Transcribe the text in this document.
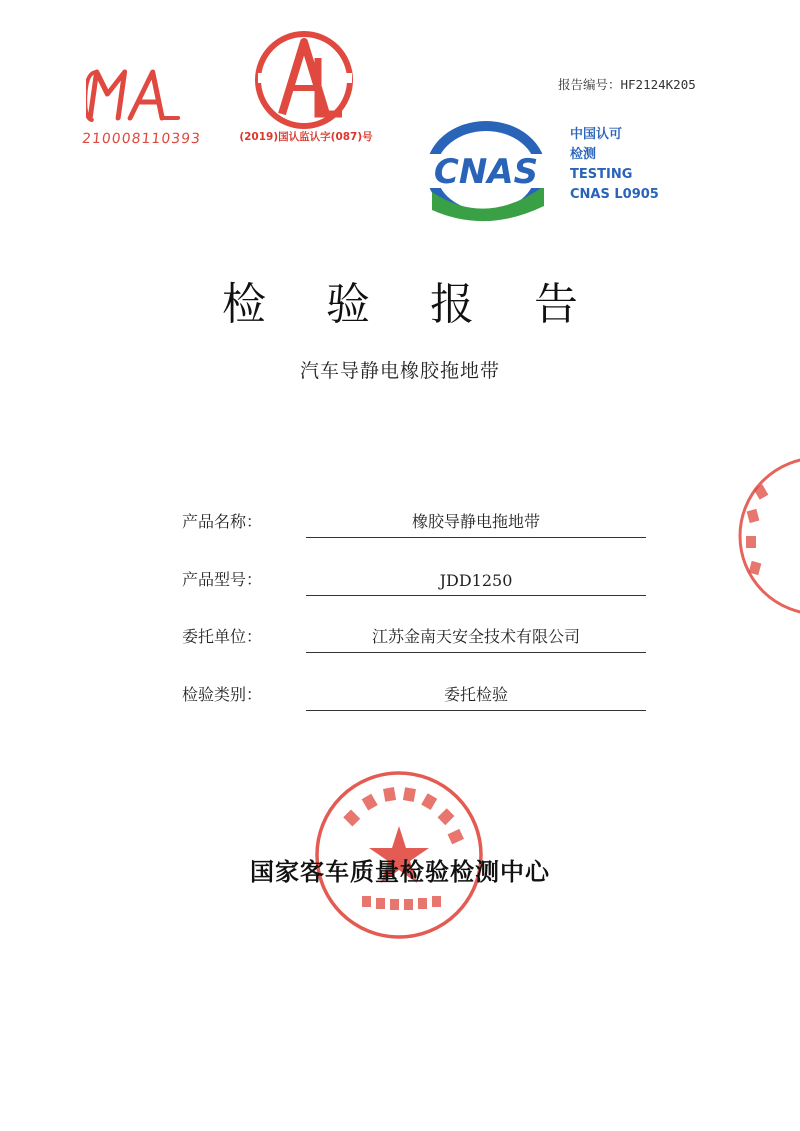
210008110393	(2019)国认监认字(087)号
报告编号：HF2124K205
CNAS
中国认可
检测
TESTING
CNAS L0905
检验报告
汽车导静电橡胶拖地带
产品名称：	橡胶导静电拖地带
产品型号：	JDD1250
委托单位：	江苏金南天安全技术有限公司
检验类别：	委托检验
国家客车质量检验检测中心
